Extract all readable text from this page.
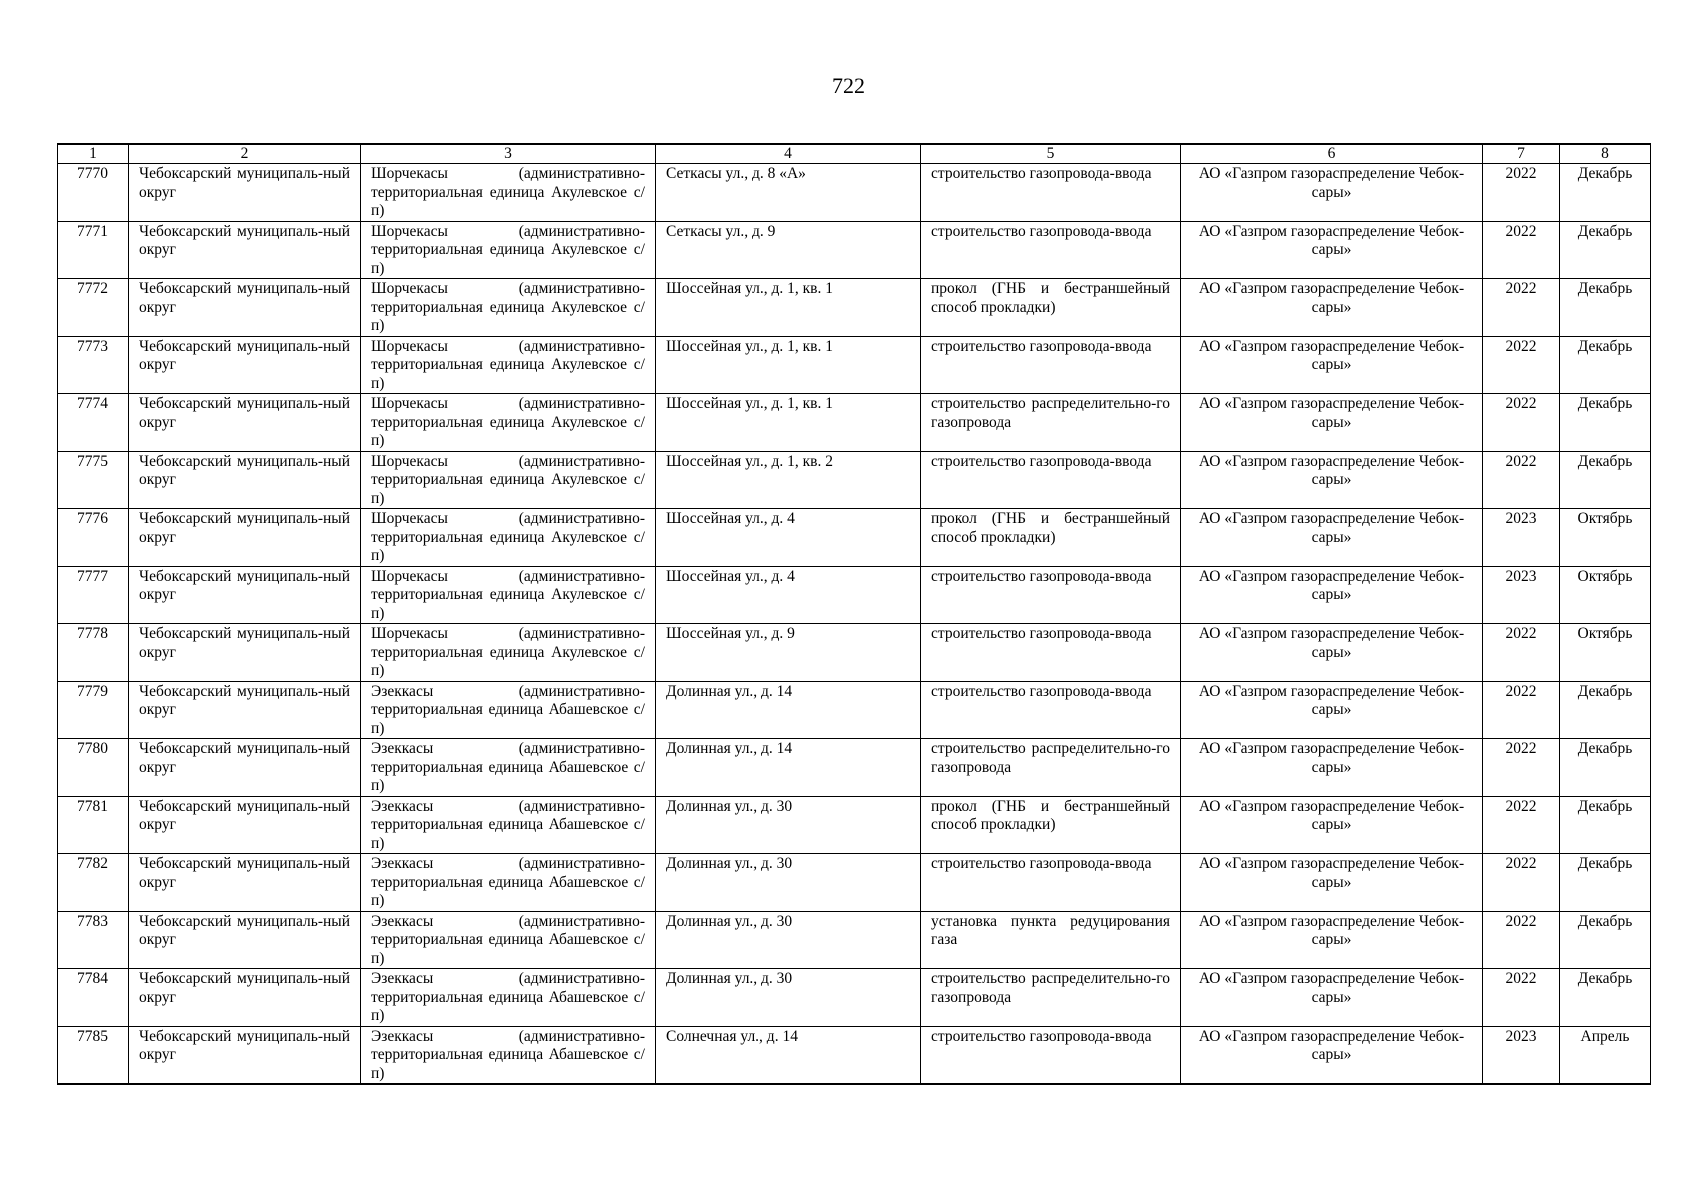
722
1	2	3	4	5	6	7	8
7770	Чебоксарский муниципаль-ный округ	Шорчекасы (административно-территориальная единица Акулевское с/п)	Сеткасы ул., д. 8 «А»	строительство газопровода-ввода	АО «Газпром газораспределение Чебок-сары»	2022	Декабрь
7771	Чебоксарский муниципаль-ный округ	Шорчекасы (административно-территориальная единица Акулевское с/п)	Сеткасы ул., д. 9	строительство газопровода-ввода	АО «Газпром газораспределение Чебок-сары»	2022	Декабрь
7772	Чебоксарский муниципаль-ный округ	Шорчекасы (административно-территориальная единица Акулевское с/п)	Шоссейная ул., д. 1, кв. 1	прокол (ГНБ и бестраншейный способ прокладки)	АО «Газпром газораспределение Чебок-сары»	2022	Декабрь
7773	Чебоксарский муниципаль-ный округ	Шорчекасы (административно-территориальная единица Акулевское с/п)	Шоссейная ул., д. 1, кв. 1	строительство газопровода-ввода	АО «Газпром газораспределение Чебок-сары»	2022	Декабрь
7774	Чебоксарский муниципаль-ный округ	Шорчекасы (административно-территориальная единица Акулевское с/п)	Шоссейная ул., д. 1, кв. 1	строительство распределительно-го газопровода	АО «Газпром газораспределение Чебок-сары»	2022	Декабрь
7775	Чебоксарский муниципаль-ный округ	Шорчекасы (административно-территориальная единица Акулевское с/п)	Шоссейная ул., д. 1, кв. 2	строительство газопровода-ввода	АО «Газпром газораспределение Чебок-сары»	2022	Декабрь
7776	Чебоксарский муниципаль-ный округ	Шорчекасы (административно-территориальная единица Акулевское с/п)	Шоссейная ул., д. 4	прокол (ГНБ и бестраншейный способ прокладки)	АО «Газпром газораспределение Чебок-сары»	2023	Октябрь
7777	Чебоксарский муниципаль-ный округ	Шорчекасы (административно-территориальная единица Акулевское с/п)	Шоссейная ул., д. 4	строительство газопровода-ввода	АО «Газпром газораспределение Чебок-сары»	2023	Октябрь
7778	Чебоксарский муниципаль-ный округ	Шорчекасы (административно-территориальная единица Акулевское с/п)	Шоссейная ул., д. 9	строительство газопровода-ввода	АО «Газпром газораспределение Чебок-сары»	2022	Октябрь
7779	Чебоксарский муниципаль-ный округ	Эзеккасы (административно-территориальная единица Абашевское с/п)	Долинная ул., д. 14	строительство газопровода-ввода	АО «Газпром газораспределение Чебок-сары»	2022	Декабрь
7780	Чебоксарский муниципаль-ный округ	Эзеккасы (административно-территориальная единица Абашевское с/п)	Долинная ул., д. 14	строительство распределительно-го газопровода	АО «Газпром газораспределение Чебок-сары»	2022	Декабрь
7781	Чебоксарский муниципаль-ный округ	Эзеккасы (административно-территориальная единица Абашевское с/п)	Долинная ул., д. 30	прокол (ГНБ и бестраншейный способ прокладки)	АО «Газпром газораспределение Чебок-сары»	2022	Декабрь
7782	Чебоксарский муниципаль-ный округ	Эзеккасы (административно-территориальная единица Абашевское с/п)	Долинная ул., д. 30	строительство газопровода-ввода	АО «Газпром газораспределение Чебок-сары»	2022	Декабрь
7783	Чебоксарский муниципаль-ный округ	Эзеккасы (административно-территориальная единица Абашевское с/п)	Долинная ул., д. 30	установка пункта редуцирования газа	АО «Газпром газораспределение Чебок-сары»	2022	Декабрь
7784	Чебоксарский муниципаль-ный округ	Эзеккасы (административно-территориальная единица Абашевское с/п)	Долинная ул., д. 30	строительство распределительно-го газопровода	АО «Газпром газораспределение Чебок-сары»	2022	Декабрь
7785	Чебоксарский муниципаль-ный округ	Эзеккасы (административно-территориальная единица Абашевское с/п)	Солнечная ул., д. 14	строительство газопровода-ввода	АО «Газпром газораспределение Чебок-сары»	2023	Апрель
